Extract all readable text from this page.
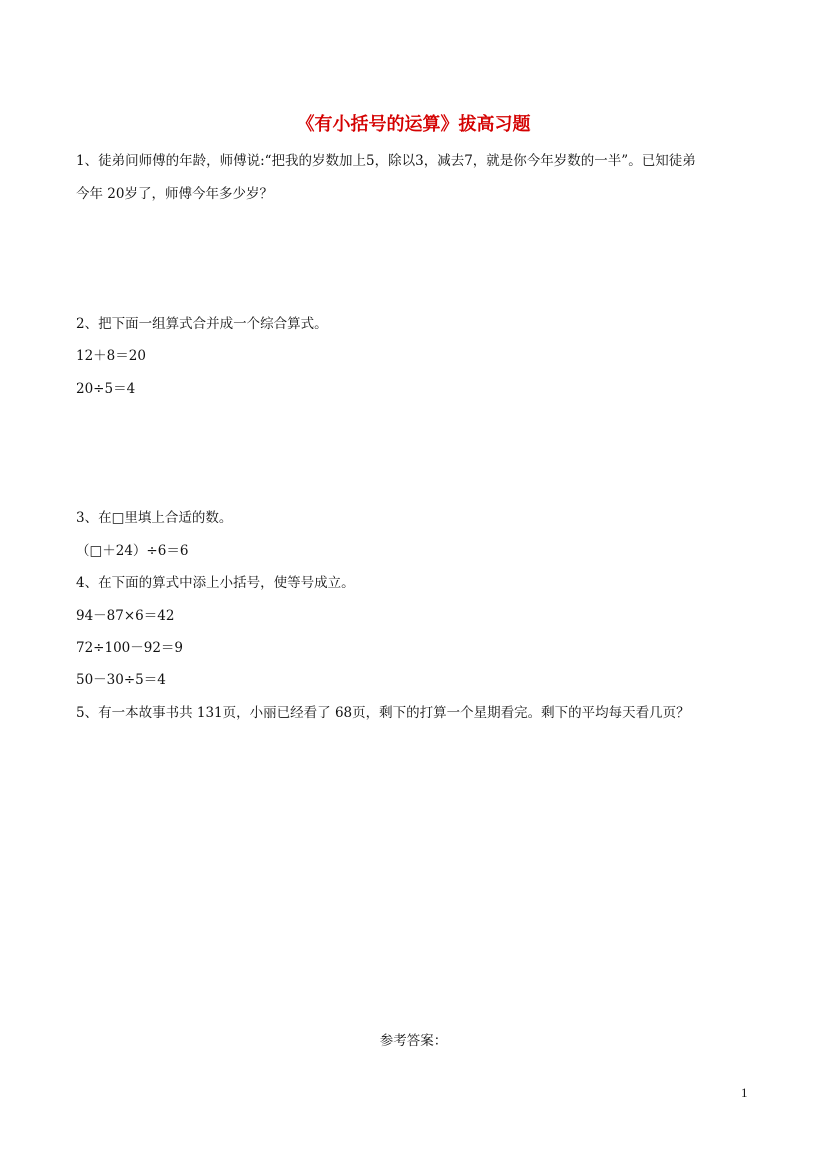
《有小括号的运算》拔高习题
1、徒弟问师傅的年龄，师傅说:“把我的岁数加上5，除以3，减去7，就是你今年岁数的一半”。已知徒弟
今年 20岁了，师傅今年多少岁？
2、把下面一组算式合并成一个综合算式。
12＋8＝20
20÷5＝4
3、在□里填上合适的数。
（□＋24）÷6＝6
4、在下面的算式中添上小括号，使等号成立。
94－87×6＝42
72÷100－92＝9
50－30÷5＝4
5、有一本故事书共 131页，小丽已经看了 68页，剩下的打算一个星期看完。剩下的平均每天看几页？
参考答案：
1
